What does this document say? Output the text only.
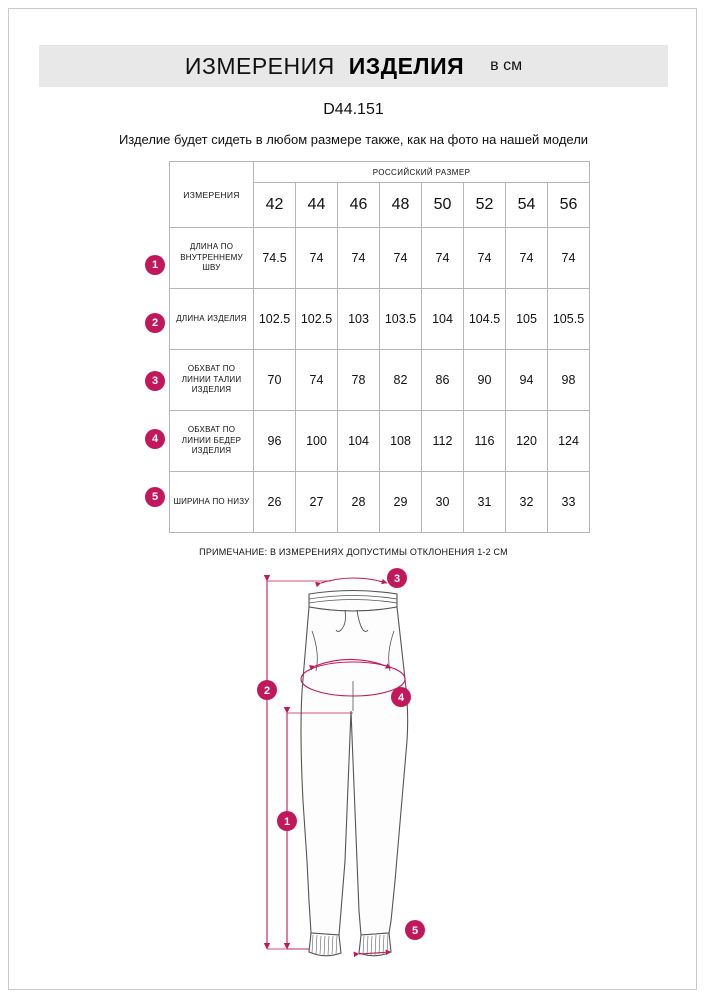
ИЗМЕРЕНИЯ ИЗДЕЛИЯ в см
D44.151
Изделие будет сидеть в любом размере также, как на фото на нашей модели
ИЗМЕРЕНИЯ	РОССИЙСКИЙ РАЗМЕР							
	42	44	46	48	50	52	54	56
ДЛИНА ПО ВНУТРЕННЕМУ ШВУ	74.5	74	74	74	74	74	74	74
ДЛИНА ИЗДЕЛИЯ	102.5	102.5	103	103.5	104	104.5	105	105.5
ОБХВАТ ПО ЛИНИИ ТАЛИИ ИЗДЕЛИЯ	70	74	78	82	86	90	94	98
ОБХВАТ ПО ЛИНИИ БЕДЕР ИЗДЕЛИЯ	96	100	104	108	112	116	120	124
ШИРИНА ПО НИЗУ	26	27	28	29	30	31	32	33
1
2
3
4
5
ПРИМЕЧАНИЕ: В ИЗМЕРЕНИЯХ ДОПУСТИМЫ ОТКЛОНЕНИЯ 1-2 СМ
3
4
2
1
5
